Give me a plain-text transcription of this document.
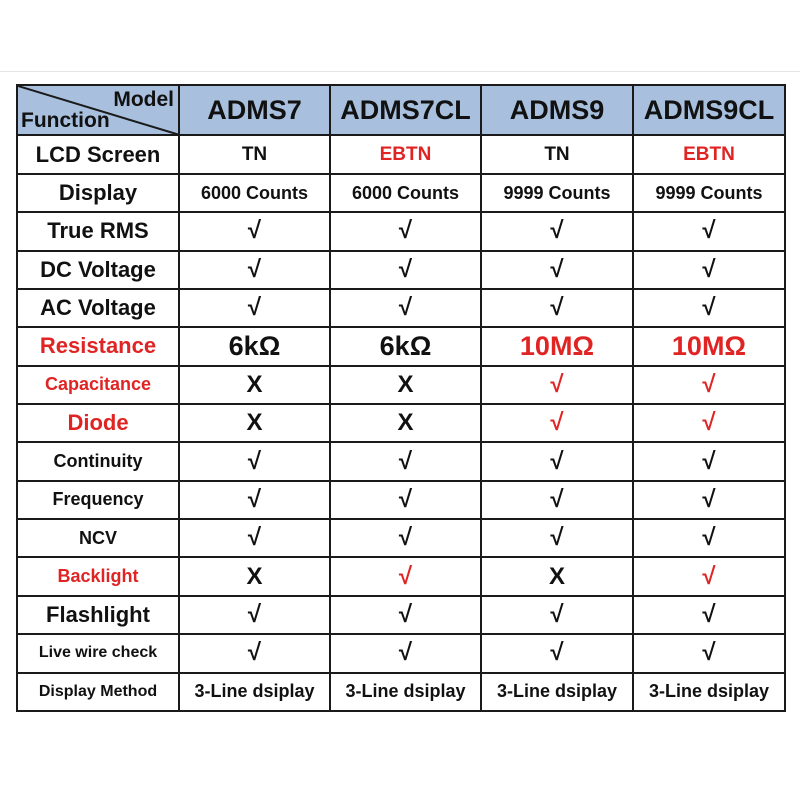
Model
Function	ADMS7	ADMS7CL	ADMS9	ADMS9CL
LCD Screen	TN	EBTN	TN	EBTN
Display	6000 Counts	6000 Counts	9999 Counts	9999 Counts
True RMS	√	√	√	√
DC Voltage	√	√	√	√
AC Voltage	√	√	√	√
Resistance	6kΩ	6kΩ	10MΩ	10MΩ
Capacitance	X	X	√	√
Diode	X	X	√	√
Continuity	√	√	√	√
Frequency	√	√	√	√
NCV	√	√	√	√
Backlight	X	√	X	√
Flashlight	√	√	√	√
Live wire check	√	√	√	√
Display Method	3-Line dsiplay	3-Line dsiplay	3-Line dsiplay	3-Line dsiplay
